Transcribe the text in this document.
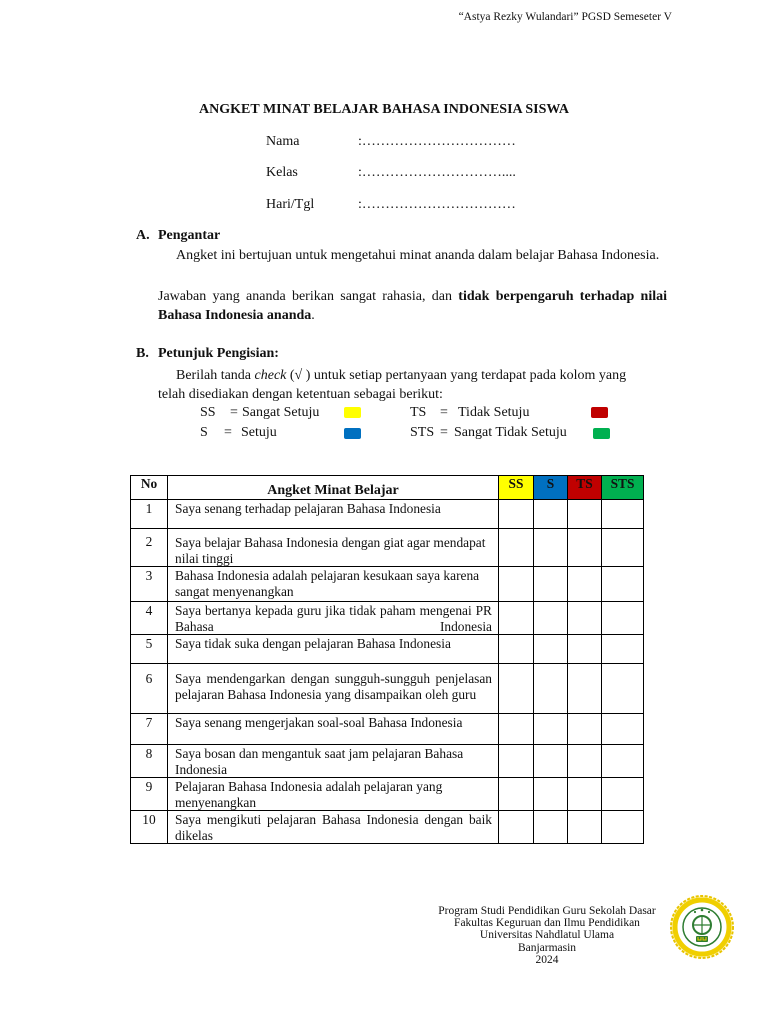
“Astya Rezky Wulandari” PGSD Semeseter V
ANGKET MINAT BELAJAR BAHASA INDONESIA SISWA
Nama	:……………………………
Kelas	:…………………………....
Hari/Tgl	:……………………………
A. Pengantar
Angket ini bertujuan untuk mengetahui minat ananda dalam belajar Bahasa Indonesia.
Jawaban yang ananda berikan sangat rahasia, dan tidak berpengaruh terhadap nilai Bahasa Indonesia ananda.
B. Petunjuk Pengisian:
Berilah tanda check (√ ) untuk setiap pertanyaan yang terdapat pada kolom yang telah disediakan dengan ketentuan sebagai berikut:
SS = Sangat Setuju	TS = Tidak Setuju
S = Setuju	STS = Sangat Tidak Setuju
No	Angket Minat Belajar	SS	S	TS	STS
1	Saya senang terhadap pelajaran Bahasa Indonesia				
2	Saya belajar Bahasa Indonesia dengan giat agar mendapat nilai tinggi				
3	Bahasa Indonesia adalah pelajaran kesukaan saya karena sangat menyenangkan				
4	Saya bertanya kepada guru jika tidak paham mengenai PR Bahasa Indonesia				

5	Saya tidak suka dengan pelajaran Bahasa Indonesia				
6	Saya mendengarkan dengan sungguh-sungguh penjelasan pelajaran Bahasa Indonesia yang disampaikan oleh guru				
7	Saya senang mengerjakan soal-soal Bahasa Indonesia				
8	Saya bosan dan mengantuk saat jam pelajaran Bahasa Indonesia				
9	Pelajaran Bahasa Indonesia adalah pelajaran yang menyenangkan				
10	Saya mengikuti pelajaran Bahasa Indonesia dengan baik dikelas				
Program Studi Pendidikan Guru Sekolah Dasar
Fakultas Keguruan dan Ilmu Pendidikan
Universitas Nahdlatul Ulama
Banjarmasin
2024
